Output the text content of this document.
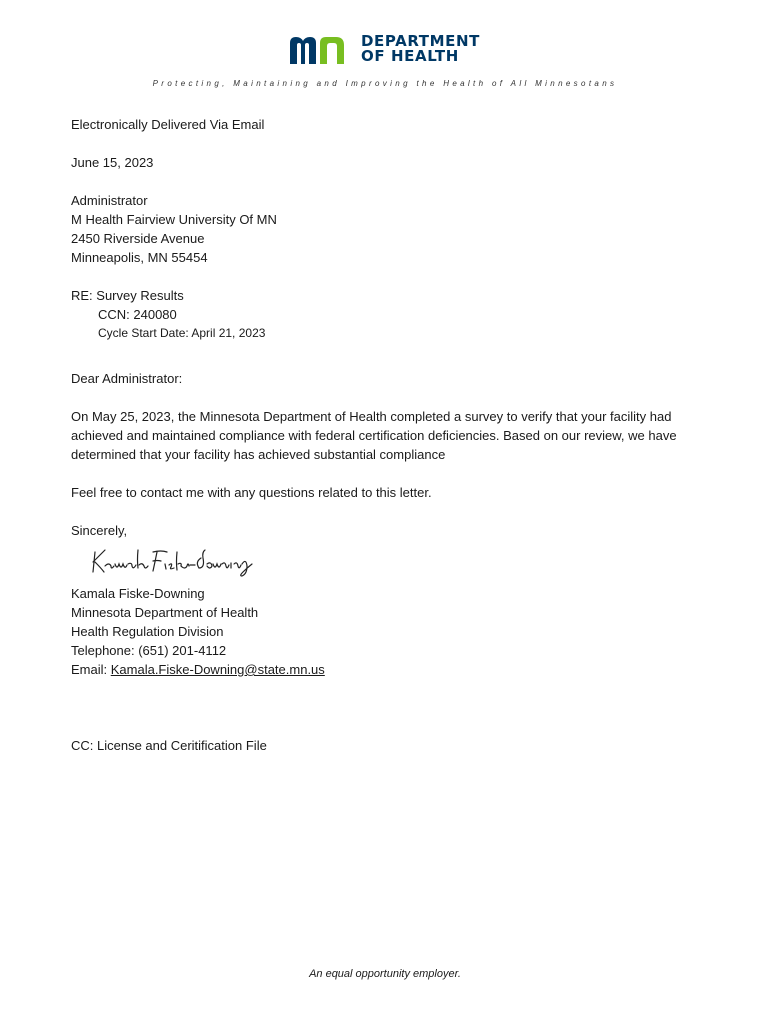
DEPARTMENT
OF HEALTH
Protecting, Maintaining and Improving the Health of All Minnesotans
Electronically Delivered Via Email
June 15, 2023
Administrator
M Health Fairview University Of MN
2450 Riverside Avenue
Minneapolis, MN 55454
RE: Survey Results
CCN: 240080
Cycle Start Date: April 21, 2023
Dear Administrator:
On May 25, 2023, the Minnesota Department of Health completed a survey to verify that your facility had achieved and maintained compliance with federal certification deficiencies. Based on our review, we have determined that your facility has achieved substantial compliance
Feel free to contact me with any questions related to this letter.
Sincerely,
Kamala Fiske-Downing
Minnesota Department of Health
Health Regulation Division
Telephone: (651) 201-4112
Email: Kamala.Fiske-Downing@state.mn.us
CC: License and Ceritification File
An equal opportunity employer.
